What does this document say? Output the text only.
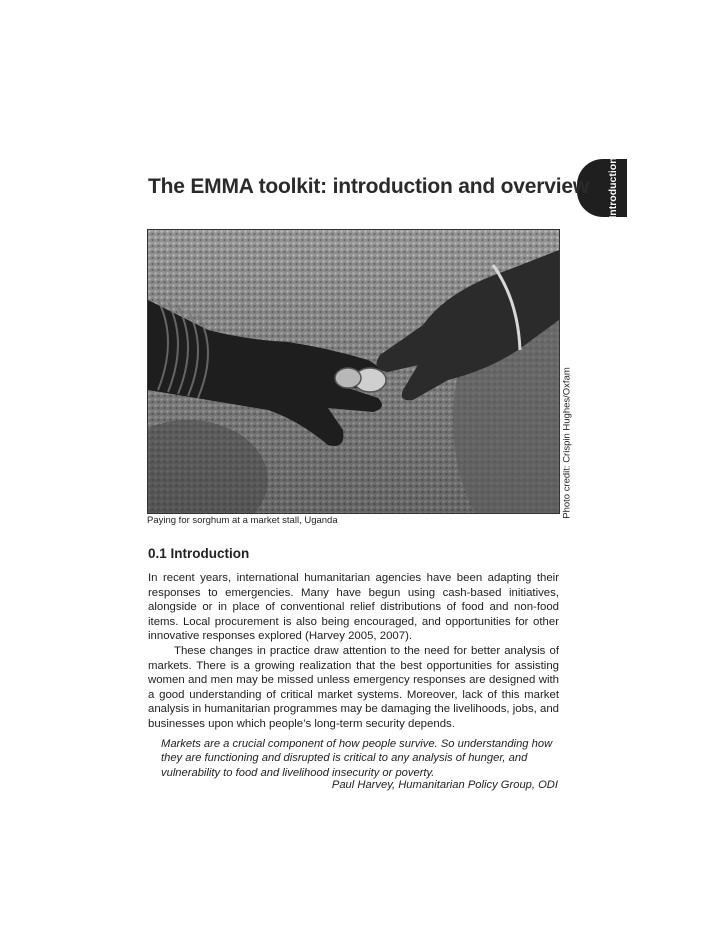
Introduction
The EMMA toolkit: introduction and overview
Photo credit: Crispin Hughes/Oxfam
Paying for sorghum at a market stall, Uganda
0.1 Introduction

In recent years, international humanitarian agencies have been adapting their responses to emergencies. Many have begun using cash-based initiatives, alongside or in place of conventional relief distributions of food and non-food items. Local procurement is also being encouraged, and opportunities for other innovative responses explored (Harvey 2005, 2007).

These changes in practice draw attention to the need for better analysis of markets. There is a growing realization that the best opportunities for assisting women and men may be missed unless emergency responses are designed with a good understanding of critical market systems. Moreover, lack of this market analysis in humanitarian programmes may be damaging the livelihoods, jobs, and businesses upon which people’s long-term security depends.

Markets are a crucial component of how people survive. So understanding how they are functioning and disrupted is critical to any analysis of hunger, and vulnerability to food and livelihood insecurity or poverty.

Paul Harvey, Humanitarian Policy Group, ODI
